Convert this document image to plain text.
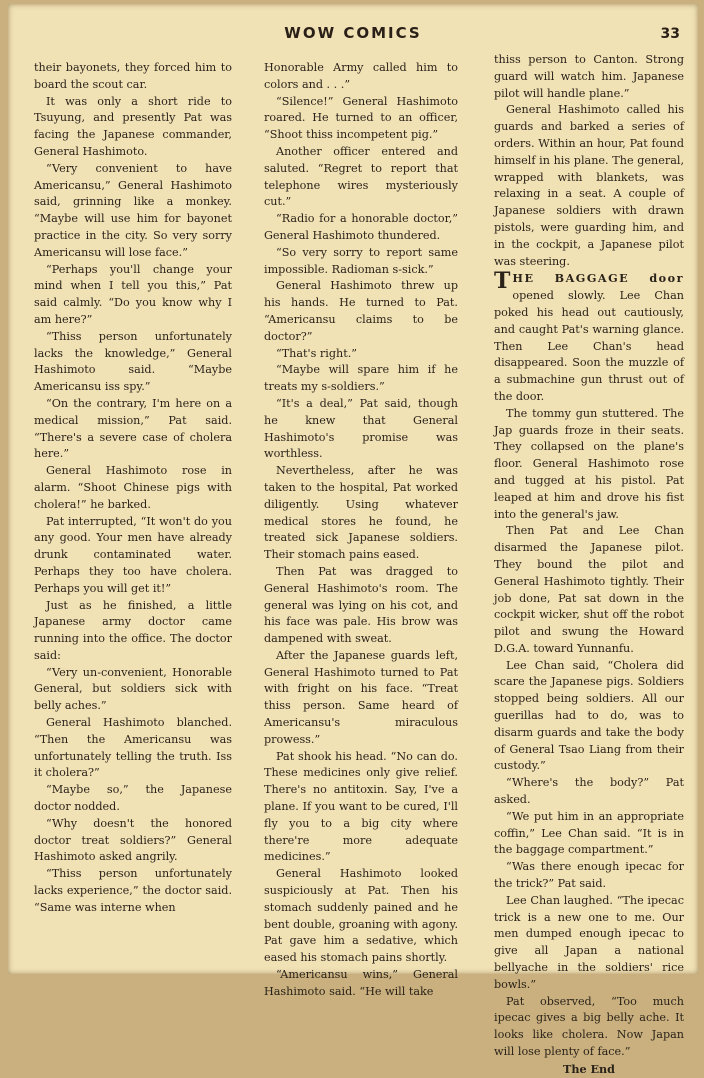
WOW COMICS	33

their bayonets, they forced him to board the scout car.

It was only a short ride to Tsuyung, and presently Pat was facing the Japanese commander, General Hashimoto.

“Very convenient to have Americansu,” General Hashimoto said, grinning like a monkey. “Maybe will use him for bayonet practice in the city. So very sorry Americansu will lose face.”

“Perhaps you'll change your mind when I tell you this,” Pat said calmly. “Do you know why I am here?”

“Thiss person unfortunately lacks the knowledge,” General Hashimoto said. “Maybe Americansu iss spy.”

“On the contrary, I'm here on a medical mission,” Pat said. “There's a severe case of cholera here.”

General Hashimoto rose in alarm. “Shoot Chinese pigs with cholera!” he barked.

Pat interrupted, “It won't do you any good. Your men have already drunk contaminated water. Perhaps they too have cholera. Perhaps you will get it!”

Just as he finished, a little Japanese army doctor came running into the office. The doctor said:

“Very un-convenient, Honorable General, but soldiers sick with belly aches.”

General Hashimoto blanched. “Then the Americansu was unfortunately telling the truth. Iss it cholera?”

“Maybe so,” the Japanese doctor nodded.

“Why doesn't the honored doctor treat soldiers?” General Hashimoto asked angrily.

“Thiss person unfortunately lacks experience,” the doctor said. “Same was interne when

Honorable Army called him to colors and . . .”

“Silence!” General Hashimoto roared. He turned to an officer, “Shoot thiss incompetent pig.”

Another officer entered and saluted. “Regret to report that telephone wires mysteriously cut.”

“Radio for a honorable doctor,” General Hashimoto thundered.

“So very sorry to report same impossible. Radioman s-sick.”

General Hashimoto threw up his hands. He turned to Pat. “Americansu claims to be doctor?”

“That's right.”

“Maybe will spare him if he treats my s-soldiers.”

“It's a deal,” Pat said, though he knew that General Hashimoto's promise was worthless.

Nevertheless, after he was taken to the hospital, Pat worked diligently. Using whatever medical stores he found, he treated sick Japanese soldiers. Their stomach pains eased.

Then Pat was dragged to General Hashimoto's room. The general was lying on his cot, and his face was pale. His brow was dampened with sweat.

After the Japanese guards left, General Hashimoto turned to Pat with fright on his face. “Treat thiss person. Same heard of Americansu's miraculous prowess.”

Pat shook his head. “No can do. These medicines only give relief. There's no antitoxin. Say, I've a plane. If you want to be cured, I'll fly you to a big city where there're more adequate medicines.”

General Hashimoto looked suspiciously at Pat. Then his stomach suddenly pained and he bent double, groaning with agony. Pat gave him a sedative, which eased his stomach pains shortly.

“Americansu wins,” General Hashimoto said. “He will take

thiss person to Canton. Strong guard will watch him. Japanese pilot will handle plane.”

General Hashimoto called his guards and barked a series of orders. Within an hour, Pat found himself in his plane. The general, wrapped with blankets, was relaxing in a seat. A couple of Japanese soldiers with drawn pistols, were guarding him, and in the cockpit, a Japanese pilot was steering.

THE BAGGAGE door opened slowly. Lee Chan poked his head out cautiously, and caught Pat's warning glance. Then Lee Chan's head disappeared. Soon the muzzle of a submachine gun thrust out of the door.

The tommy gun stuttered. The Jap guards froze in their seats. They collapsed on the plane's floor. General Hashimoto rose and tugged at his pistol. Pat leaped at him and drove his fist into the general's jaw.

Then Pat and Lee Chan disarmed the Japanese pilot. They bound the pilot and General Hashimoto tightly. Their job done, Pat sat down in the cockpit wicker, shut off the robot pilot and swung the Howard D.G.A. toward Yunnanfu.

Lee Chan said, “Cholera did scare the Japanese pigs. Soldiers stopped being soldiers. All our guerillas had to do, was to disarm guards and take the body of General Tsao Liang from their custody.”

“Where's the body?” Pat asked.

“We put him in an appropriate coffin,” Lee Chan said. “It is in the baggage compartment.”

“Was there enough ipecac for the trick?” Pat said.

Lee Chan laughed. “The ipecac trick is a new one to me. Our men dumped enough ipecac to give all Japan a national bellyache in the soldiers' rice bowls.”

Pat observed, “Too much ipecac gives a big belly ache. It looks like cholera. Now Japan will lose plenty of face.”

The End
